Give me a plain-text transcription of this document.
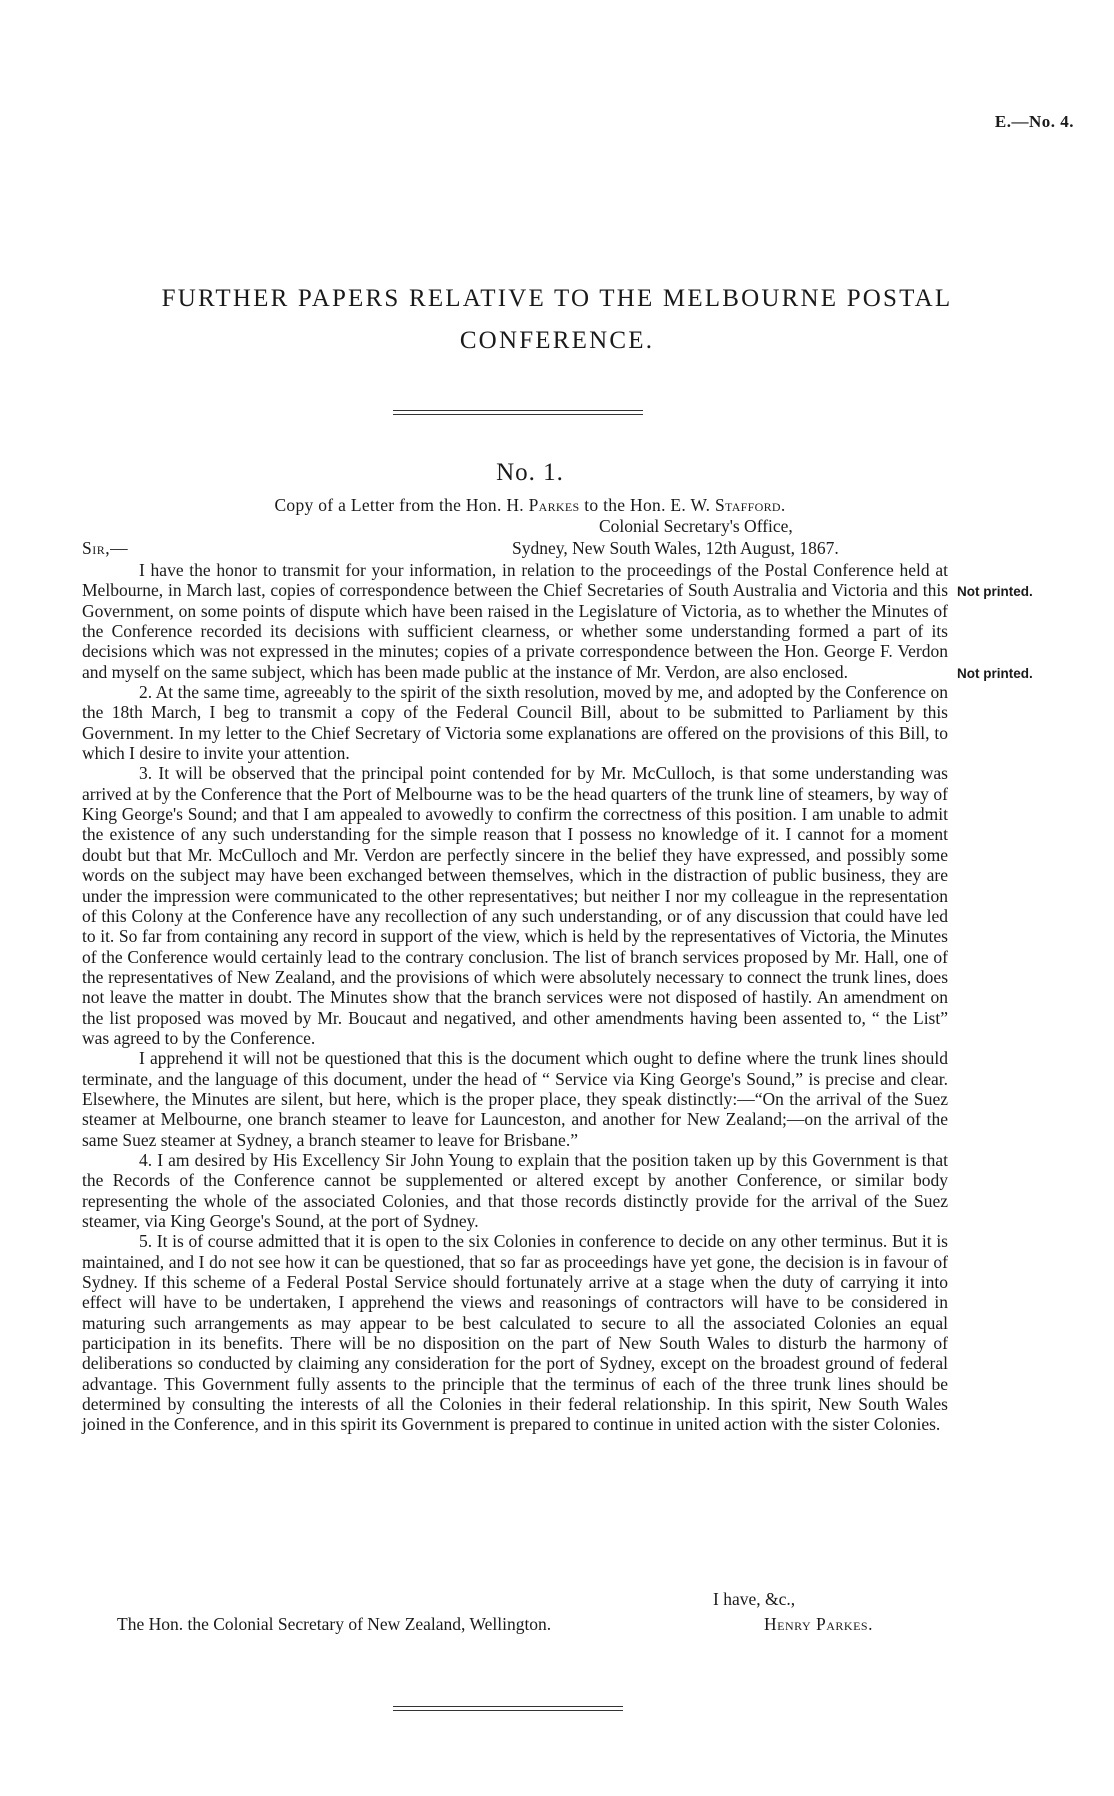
E.—No. 4.
FURTHER PAPERS RELATIVE TO THE MELBOURNE POSTAL CONFERENCE.
No. 1.
Copy of a Letter from the Hon. H. Parkes to the Hon. E. W. Stafford.
Colonial Secretary's Office,
Sir,—	Sydney, New South Wales, 12th August, 1867.
Not printed.
Not printed.

I have the honor to transmit for your information, in relation to the proceedings of the Postal Conference held at Melbourne, in March last, copies of correspondence between the Chief Secretaries of South Australia and Victoria and this Government, on some points of dispute which have been raised in the Legislature of Victoria, as to whether the Minutes of the Conference recorded its decisions with sufficient clearness, or whether some understanding formed a part of its decisions which was not expressed in the minutes; copies of a private correspondence between the Hon. George F. Verdon and myself on the same subject, which has been made public at the instance of Mr. Verdon, are also enclosed.

2. At the same time, agreeably to the spirit of the sixth resolution, moved by me, and adopted by the Conference on the 18th March, I beg to transmit a copy of the Federal Council Bill, about to be submitted to Parliament by this Government. In my letter to the Chief Secretary of Victoria some explanations are offered on the provisions of this Bill, to which I desire to invite your attention.

3. It will be observed that the principal point contended for by Mr. McCulloch, is that some understanding was arrived at by the Conference that the Port of Melbourne was to be the head quarters of the trunk line of steamers, by way of King George's Sound; and that I am appealed to avowedly to confirm the correctness of this position. I am unable to admit the existence of any such understanding for the simple reason that I possess no knowledge of it. I cannot for a moment doubt but that Mr. McCulloch and Mr. Verdon are perfectly sincere in the belief they have expressed, and possibly some words on the subject may have been exchanged between themselves, which in the distraction of public business, they are under the impression were communicated to the other representatives; but neither I nor my colleague in the representation of this Colony at the Conference have any recollection of any such understanding, or of any discussion that could have led to it. So far from containing any record in support of the view, which is held by the representatives of Victoria, the Minutes of the Conference would certainly lead to the contrary conclusion. The list of branch services proposed by Mr. Hall, one of the representatives of New Zealand, and the provisions of which were absolutely necessary to connect the trunk lines, does not leave the matter in doubt. The Minutes show that the branch services were not disposed of hastily. An amendment on the list proposed was moved by Mr. Boucaut and negatived, and other amendments having been assented to, “ the List” was agreed to by the Conference.

I apprehend it will not be questioned that this is the document which ought to define where the trunk lines should terminate, and the language of this document, under the head of “ Service via King George's Sound,” is precise and clear. Elsewhere, the Minutes are silent, but here, which is the proper place, they speak distinctly:—“On the arrival of the Suez steamer at Melbourne, one branch steamer to leave for Launceston, and another for New Zealand;—on the arrival of the same Suez steamer at Sydney, a branch steamer to leave for Brisbane.”

4. I am desired by His Excellency Sir John Young to explain that the position taken up by this Government is that the Records of the Conference cannot be supplemented or altered except by another Conference, or similar body representing the whole of the associated Colonies, and that those records distinctly provide for the arrival of the Suez steamer, via King George's Sound, at the port of Sydney.

5. It is of course admitted that it is open to the six Colonies in conference to decide on any other terminus. But it is maintained, and I do not see how it can be questioned, that so far as proceedings have yet gone, the decision is in favour of Sydney. If this scheme of a Federal Postal Service should fortunately arrive at a stage when the duty of carrying it into effect will have to be undertaken, I apprehend the views and reasonings of contractors will have to be considered in maturing such arrangements as may appear to be best calculated to secure to all the associated Colonies an equal participation in its benefits. There will be no disposition on the part of New South Wales to disturb the harmony of deliberations so conducted by claiming any consideration for the port of Sydney, except on the broadest ground of federal advantage. This Government fully assents to the principle that the terminus of each of the three trunk lines should be determined by consulting the interests of all the Colonies in their federal relationship. In this spirit, New South Wales joined in the Conference, and in this spirit its Government is prepared to continue in united action with the sister Colonies.

I have, &c.,
The Hon. the Colonial Secretary of New Zealand, Wellington.	Henry Parkes.
